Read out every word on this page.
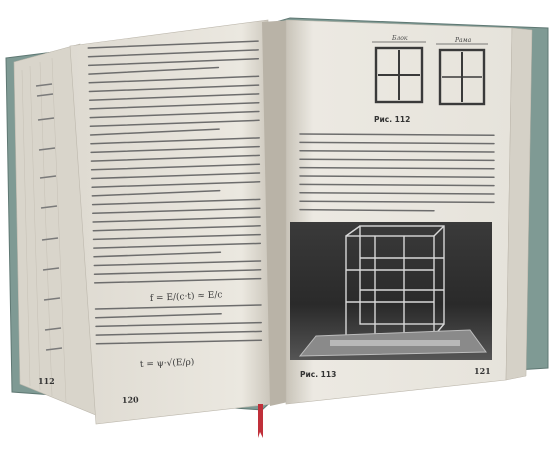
112
f = E/(c·t) ≈ E/c
t = ψ·√(E/ρ)
120
Блок	Рама
Рис. 112
Рис. 113	121
